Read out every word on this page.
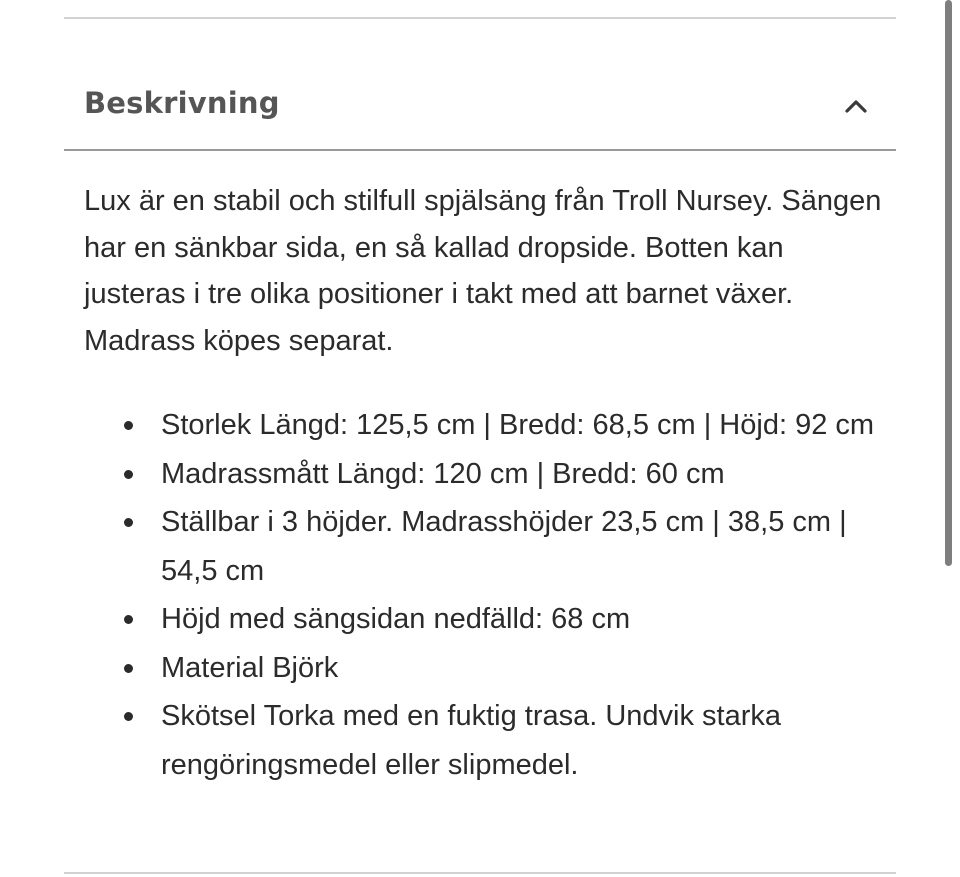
Beskrivning

Lux är en stabil och stilfull spjälsäng från Troll Nursey. Sängen har en sänkbar sida, en så kallad dropside. Botten kan justeras i tre olika positioner i takt med att barnet växer. Madrass köpes separat.

Storlek Längd: 125,5 cm | Bredd: 68,5 cm | Höjd: 92 cm
Madrassmått Längd: 120 cm | Bredd: 60 cm
Ställbar i 3 höjder. Madrasshöjder 23,5 cm | 38,5 cm | 54,5 cm
Höjd med sängsidan nedfälld: 68 cm
Material Björk
Skötsel Torka med en fuktig trasa. Undvik starka rengöringsmedel eller slipmedel.
